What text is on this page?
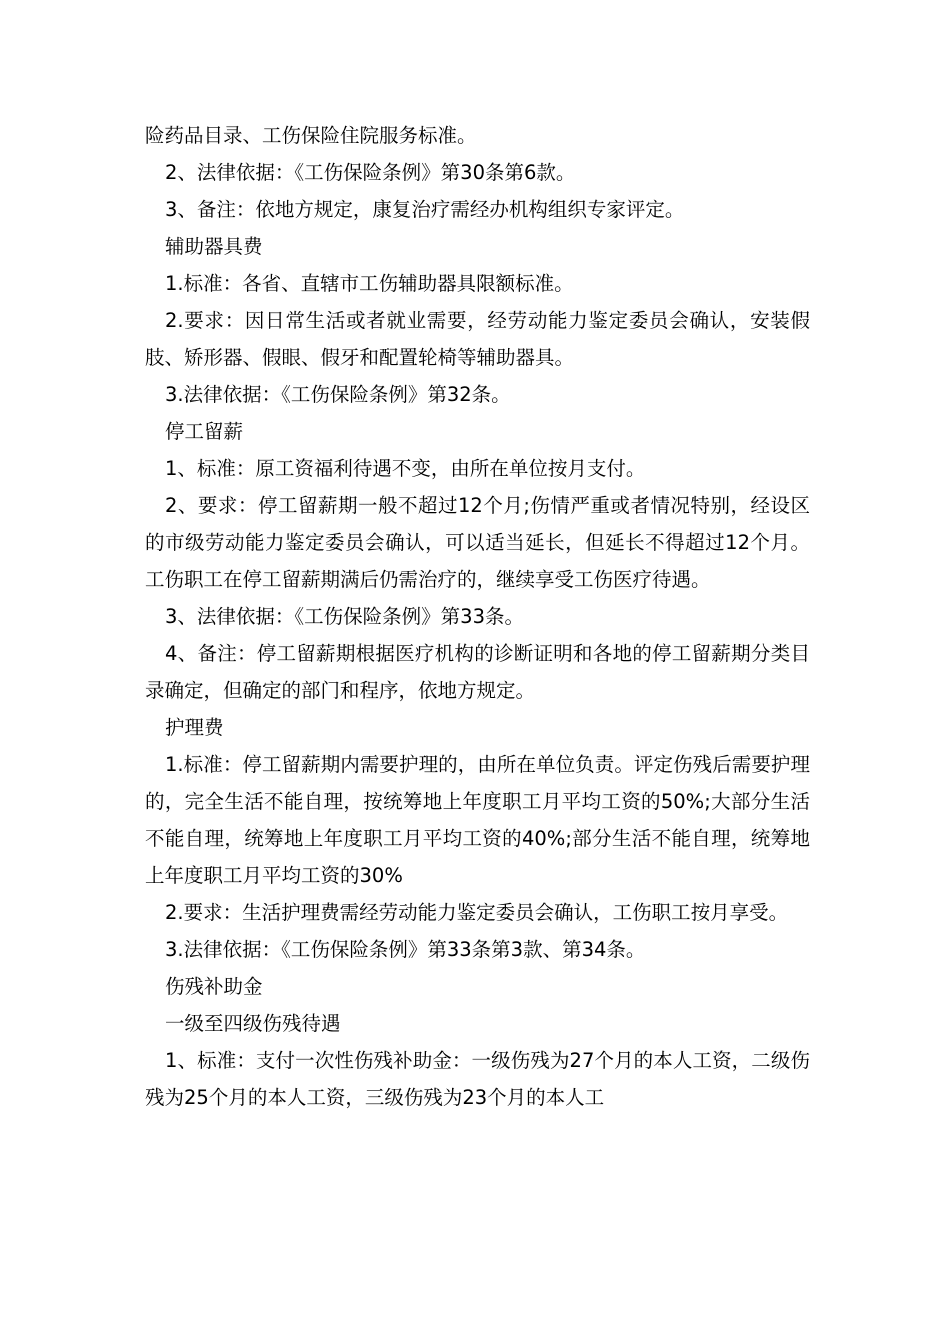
险药品目录、工伤保险住院服务标准。

2、法律依据：《工伤保险条例》第30条第6款。

3、备注：依地方规定，康复治疗需经办机构组织专家评定。

辅助器具费

1.标准：各省、直辖市工伤辅助器具限额标准。

2.要求：因日常生活或者就业需要，经劳动能力鉴定委员会确认，安装假肢、矫形器、假眼、假牙和配置轮椅等辅助器具。

3.法律依据：《工伤保险条例》第32条。

停工留薪

1、标准：原工资福利待遇不变，由所在单位按月支付。

2、要求：停工留薪期一般不超过12个月;伤情严重或者情况特别，经设区的市级劳动能力鉴定委员会确认，可以适当延长，但延长不得超过12个月。工伤职工在停工留薪期满后仍需治疗的，继续享受工伤医疗待遇。

3、法律依据：《工伤保险条例》第33条。

4、备注：停工留薪期根据医疗机构的诊断证明和各地的停工留薪期分类目录确定，但确定的部门和程序，依地方规定。

护理费

1.标准：停工留薪期内需要护理的，由所在单位负责。评定伤残后需要护理的，完全生活不能自理，按统筹地上年度职工月平均工资的50%;大部分生活不能自理，统筹地上年度职工月平均工资的40%;部分生活不能自理，统筹地上年度职工月平均工资的30%

2.要求：生活护理费需经劳动能力鉴定委员会确认，工伤职工按月享受。

3.法律依据：《工伤保险条例》第33条第3款、第34条。

伤残补助金

一级至四级伤残待遇

1、标准：支付一次性伤残补助金：一级伤残为27个月的本人工资，二级伤残为25个月的本人工资，三级伤残为23个月的本人工
